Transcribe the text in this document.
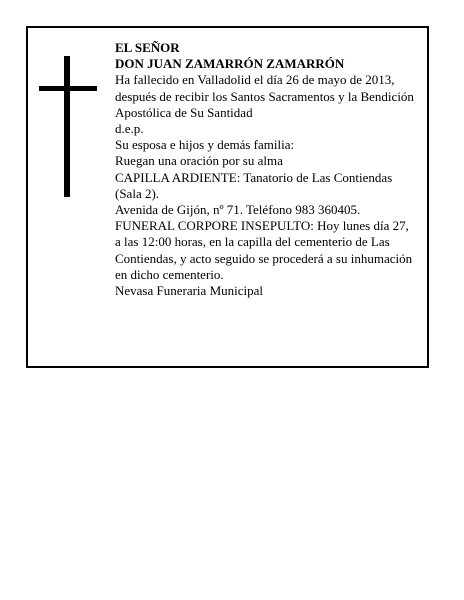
EL SEÑOR

DON JUAN ZAMARRÓN ZAMARRÓN

Ha fallecido en Valladolid el día 26 de mayo de 2013, después de recibir los Santos Sacramentos y la Bendición Apostólica de Su Santidad

d.e.p.

Su esposa e hijos y demás familia:

Ruegan una oración por su alma

CAPILLA ARDIENTE: Tanatorio de Las Contiendas (Sala 2).

Avenida de Gijón, nº 71. Teléfono 983 360405.

FUNERAL CORPORE INSEPULTO: Hoy lunes día 27, a las 12:00 horas, en la capilla del cementerio de Las Contiendas, y acto seguido se procederá a su inhumación en dicho cementerio.

Nevasa Funeraria Municipal
